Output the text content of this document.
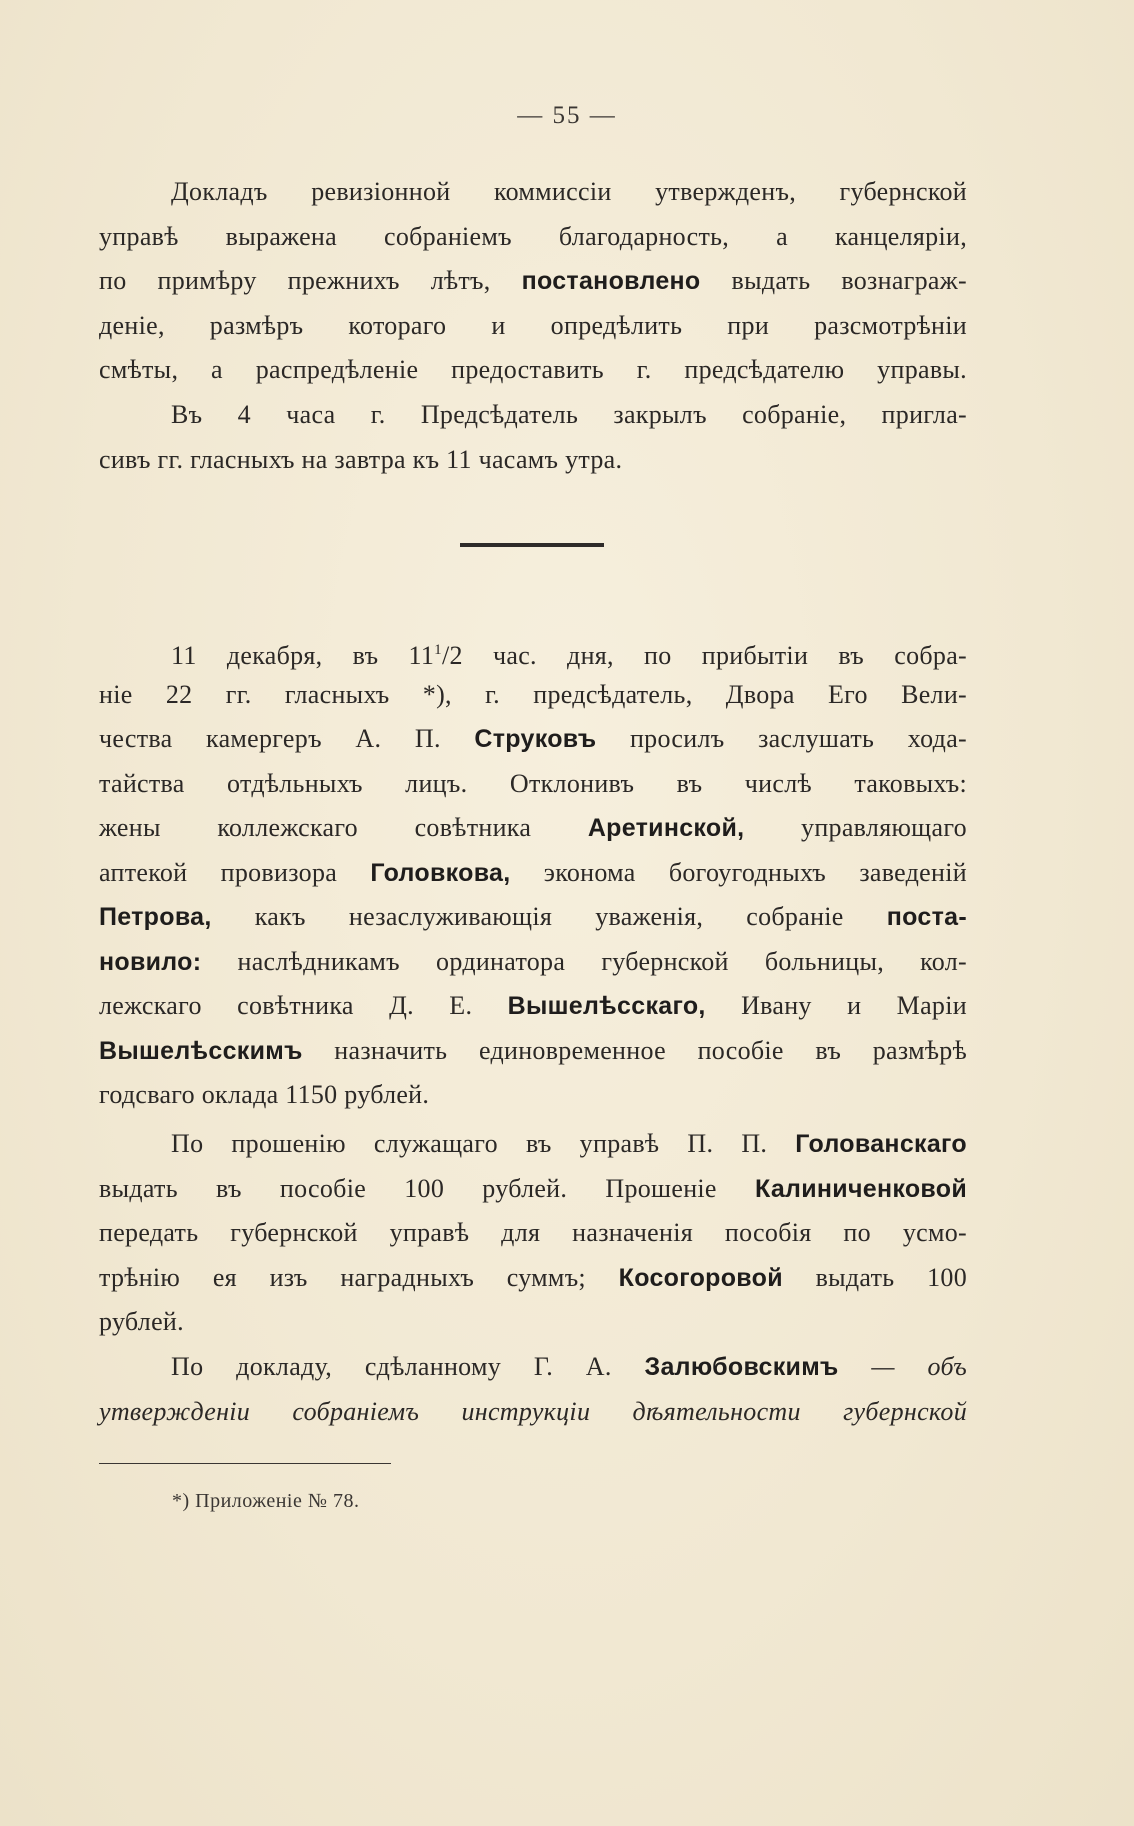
— 55 —
Докладъ ревизіонной коммиссіи утвержденъ, губернской
управѣ выражена собраніемъ благодарность, а канцеляріи,
по примѣру прежнихъ лѣтъ, постановлено выдать вознаграж-
деніе, размѣръ котораго и опредѣлить при разсмотрѣніи
смѣты, а распредѣленіе предоставить г. предсѣдателю управы.
Въ 4 часа г. Предсѣдатель закрылъ собраніе, пригла-
сивъ гг. гласныхъ на завтра къ 11 часамъ утра.
11 декабря, въ $11^1/2$ час. дня, по прибытіи въ собра-
ніе 22 гг. гласныхъ *), г. предсѣдатель, Двора Его Вели-
чества камергеръ А. П. Струковъ просилъ заслушать хода-
тайства отдѣльныхъ лицъ. Отклонивъ въ числѣ таковыхъ:
жены коллежскаго совѣтника Аретинской, управляющаго
аптекой провизора Головкова, эконома богоугодныхъ заведеній
Петрова, какъ незаслуживающія уваженія, собраніе поста-
новило: наслѣдникамъ ординатора губернской больницы, кол-
лежскаго совѣтника Д. Е. Вышелѣсскаго, Ивану и Маріи
Вышелѣсскимъ назначить единовременное пособіе въ размѣрѣ
годсваго оклада 1150 рублей.
По прошенію служащаго въ управѣ П. П. Голованскаго
выдать въ пособіе 100 рублей. Прошеніе Калиниченковой
передать губернской управѣ для назначенія пособія по усмо-
трѣнію ея изъ наградныхъ суммъ; Косогоровой выдать 100
рублей.
По докладу, сдѣланному Г. А. Залюбовскимъ — объ
утвержденіи собраніемъ инструкціи дѣятельности губернской
*) Приложеніе № 78.
